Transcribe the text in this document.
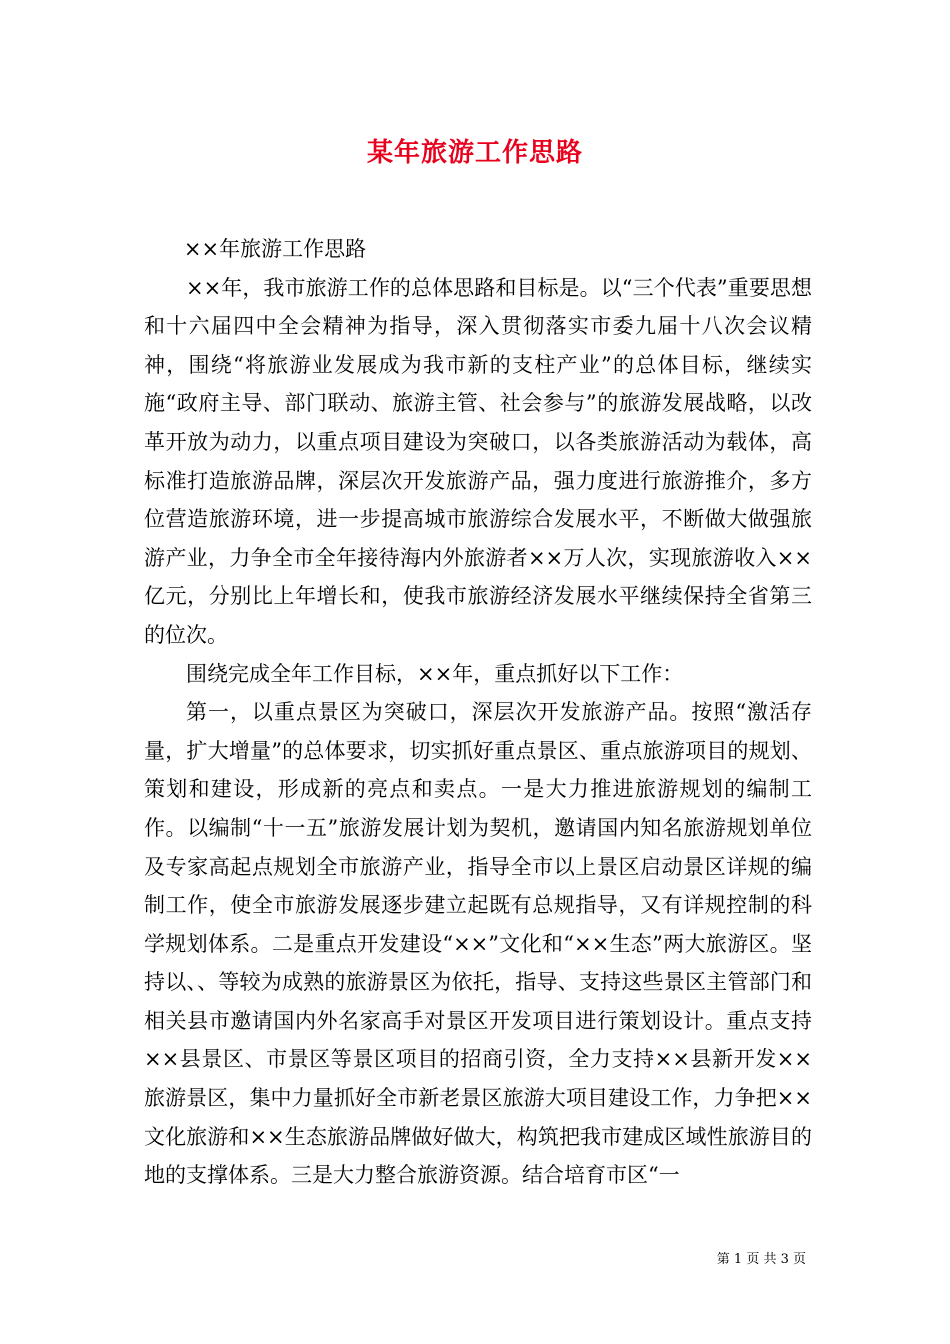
某年旅游工作思路

××年旅游工作思路

××年，我市旅游工作的总体思路和目标是。以“三个代表”重要思想和十六届四中全会精神为指导，深入贯彻落实市委九届十八次会议精神，围绕“将旅游业发展成为我市新的支柱产业”的总体目标，继续实施“政府主导、部门联动、旅游主管、社会参与”的旅游发展战略，以改革开放为动力，以重点项目建设为突破口，以各类旅游活动为载体，高标准打造旅游品牌，深层次开发旅游产品，强力度进行旅游推介，多方位营造旅游环境，进一步提高城市旅游综合发展水平，不断做大做强旅游产业，力争全市全年接待海内外旅游者××万人次，实现旅游收入××亿元，分别比上年增长和，使我市旅游经济发展水平继续保持全省第三的位次。

围绕完成全年工作目标，××年，重点抓好以下工作：

第一，以重点景区为突破口，深层次开发旅游产品。按照“激活存量，扩大增量”的总体要求，切实抓好重点景区、重点旅游项目的规划、策划和建设，形成新的亮点和卖点。一是大力推进旅游规划的编制工作。以编制“十一五”旅游发展计划为契机，邀请国内知名旅游规划单位及专家高起点规划全市旅游产业，指导全市以上景区启动景区详规的编制工作，使全市旅游发展逐步建立起既有总规指导，又有详规控制的科学规划体系。二是重点开发建设“××”文化和“××生态”两大旅游区。坚持以、、等较为成熟的旅游景区为依托，指导、支持这些景区主管部门和相关县市邀请国内外名家高手对景区开发项目进行策划设计。重点支持××县景区、市景区等景区项目的招商引资，全力支持××县新开发××旅游景区，集中力量抓好全市新老景区旅游大项目建设工作，力争把××文化旅游和××生态旅游品牌做好做大，构筑把我市建成区域性旅游目的地的支撑体系。三是大力整合旅游资源。结合培育市区“一

第 1 页 共 3 页
